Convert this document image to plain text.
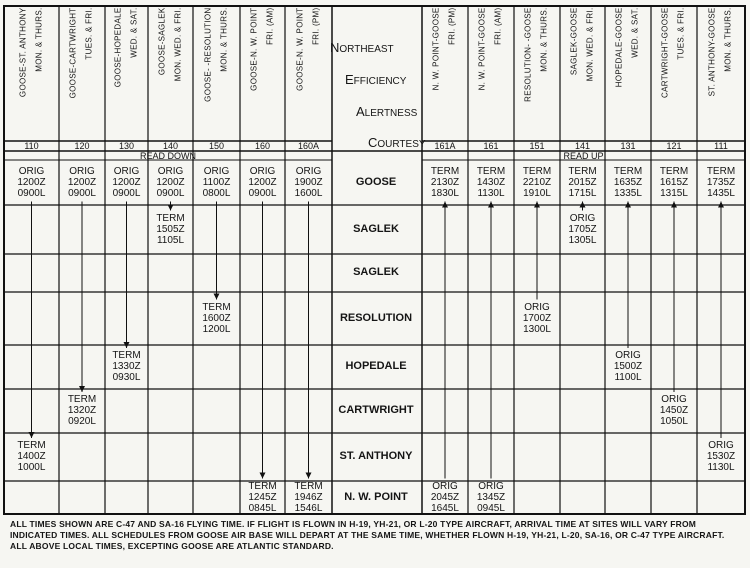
NORTHEAST
EFFICIENCY
ALERTNESS
COURTESY
READ DOWN	READ UP
GOOSE-ST. ANTHONY MON. & THURS.
110
GOOSE-CARTWRIGHT TUES. & FRI.
120
GOOSE-HOPEDALE WED. & SAT.
130
GOOSE-SAGLEK MON. WED. & FRI.
140
GOOSE- -RESOLUTION MON. & THURS.
150
GOOSE-N. W. POINT FRI. (AM)
160
GOOSE-N. W. POINT FRI. (PM)
160A
N. W. POINT-GOOSE FRI. (PM)
161A
N. W. POINT-GOOSE FRI. (AM)
161
RESOLUTION- -GOOSE MON. & THURS.
151
SAGLEK-GOOSE MON. WED. & FRI.
141
HOPEDALE-GOOSE WED. & SAT.
131
CARTWRIGHT-GOOSE TUES. & FRI.
121
ST. ANTHONY-GOOSE MON. & THURS.
111
GOOSE
SAGLEK
SAGLEK
RESOLUTION
HOPEDALE
CARTWRIGHT
ST. ANTHONY
N. W. POINT
ORIG
1200Z
0900L
TERM
1400Z
1000L
ORIG
1200Z
0900L
TERM
1320Z
0920L
ORIG
1200Z
0900L
TERM
1330Z
0930L
ORIG
1200Z
0900L
TERM
1505Z
1105L
ORIG
1100Z
0800L
TERM
1600Z
1200L
ORIG
1200Z
0900L
TERM
1245Z
0845L
ORIG
1900Z
1600L
TERM
1946Z
1546L
TERM
2130Z
1830L
ORIG
2045Z
1645L
TERM
1430Z
1130L
ORIG
1345Z
0945L
TERM
2210Z
1910L
ORIG
1700Z
1300L
TERM
2015Z
1715L
ORIG
1705Z
1305L
TERM
1635Z
1335L
ORIG
1500Z
1100L
TERM
1615Z
1315L
ORIG
1450Z
1050L
TERM
1735Z
1435L
ORIG
1530Z
1130L
ALL TIMES SHOWN ARE C-47 AND SA-16 FLYING TIME. IF FLIGHT IS FLOWN IN H-19, YH-21, OR L-20 TYPE AIRCRAFT, ARRIVAL TIME AT SITES WILL VARY FROM INDICATED TIMES. ALL SCHEDULES FROM GOOSE AIR BASE WILL DEPART AT THE SAME TIME, WHETHER FLOWN H-19, YH-21, L-20, SA-16, OR C-47 TYPE AIRCRAFT. ALL ABOVE LOCAL TIMES, EXCEPTING GOOSE ARE ATLANTIC STANDARD.
